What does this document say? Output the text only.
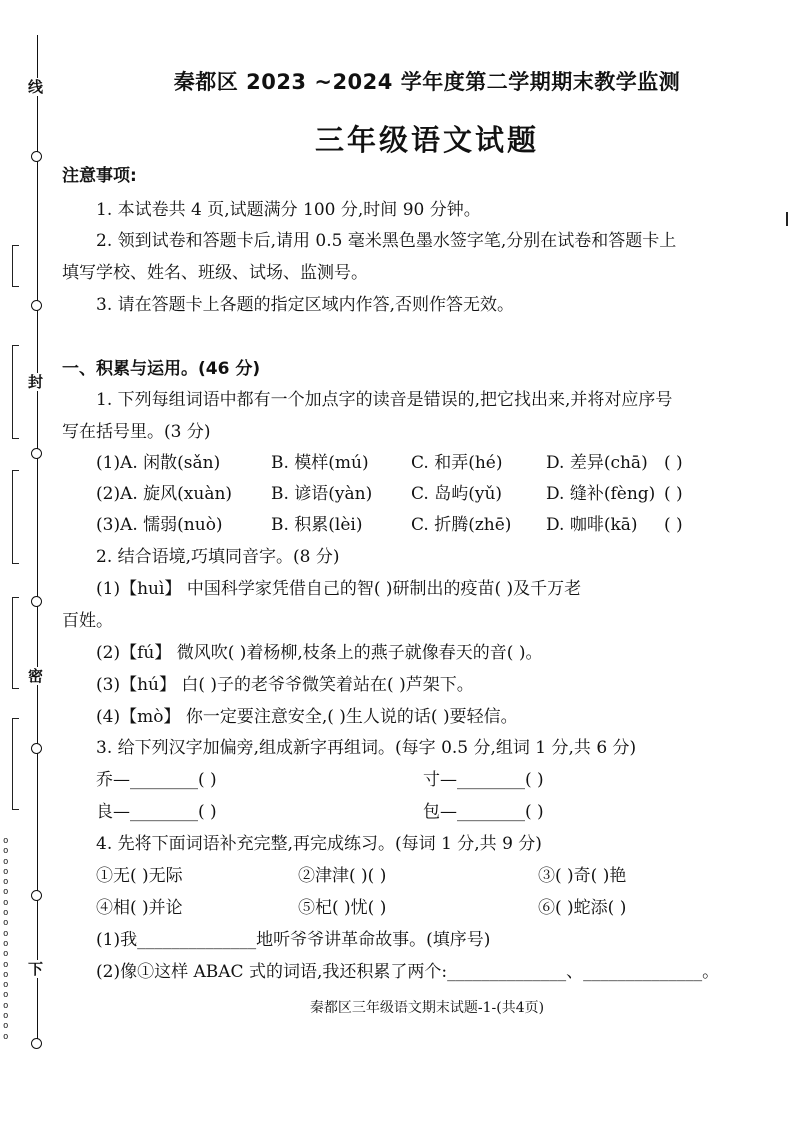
线
封
密
下
oooooooooooooooooooo
秦都区 2023 ~2024 学年度第二学期期末教学监测
三年级语文试题
注意事项:
1. 本试卷共 4 页,试题满分 100 分,时间 90 分钟。
2. 领到试卷和答题卡后,请用 0.5 毫米黑色墨水签字笔,分别在试卷和答题卡上
填写学校、姓名、班级、试场、监测号。
3. 请在答题卡上各题的指定区域内作答,否则作答无效。
一、积累与运用。(46 分)
1. 下列每组词语中都有一个加点字的读音是错误的,把它找出来,并将对应序号
写在括号里。(3 分)
(1)A. 闲散(sǎn)	B. 模样(mú) C. 和弄(hé)	D. 差异(chā) ( )
(2)A. 旋风(xuàn) B. 谚语(yàn) C. 岛屿(yǔ)	D. 缝补(fèng) ( )
(3)A. 懦弱(nuò)	B. 积累(lèi)	C. 折腾(zhē) D. 咖啡(kā) ( )
2. 结合语境,巧填同音字。(8 分)
(1)【huì】 中国科学家凭借自己的智( )研制出的疫苗( )及千万老
百姓。
(2)【fú】 微风吹( )着杨柳,枝条上的燕子就像春天的音( )。
(3)【hú】 白( )子的老爷爷微笑着站在( )芦架下。
(4)【mò】 你一定要注意安全,( )生人说的话( )要轻信。
3. 给下列汉字加偏旁,组成新字再组词。(每字 0.5 分,组词 1 分,共 6 分)
乔—________( )	寸—________( )
良—________( )	包—________( )
4. 先将下面词语补充完整,再完成练习。(每词 1 分,共 9 分)
①无( )无际	②津津( )( )	③( )奇( )艳
④相( )并论	⑤杞( )忧( )	⑥( )蛇添( )
(1)我______________地听爷爷讲革命故事。(填序号)
(2)像①这样 ABAC 式的词语,我还积累了两个:______________、______________。
秦都区三年级语文期末试题-1-(共4页)
